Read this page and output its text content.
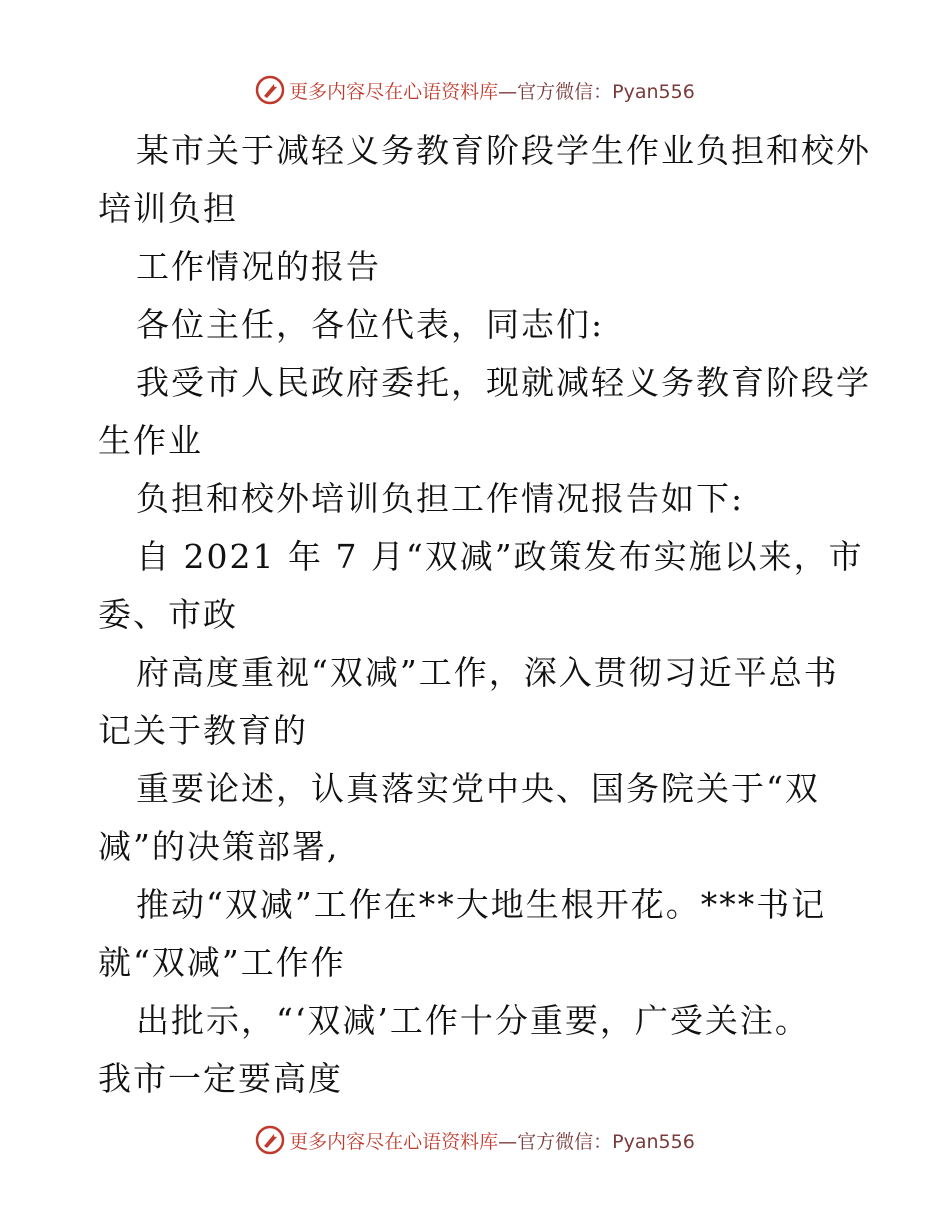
更多内容尽在心语资料库—官方微信：Pyan556
某市关于减轻义务教育阶段学生作业负担和校外
培训负担
工作情况的报告
各位主任，各位代表，同志们:
我受市人民政府委托，现就减轻义务教育阶段学
生作业
负担和校外培训负担工作情况报告如下:
自 2021 年 7 月“双减”政策发布实施以来，市
委、市政
府高度重视“双减”工作，深入贯彻习近平总书
记关于教育的
重要论述，认真落实党中央、国务院关于“双
减”的决策部署,
推动“双减”工作在**大地生根开花。***书记
就“双减”工作作
出批示，“‘双减’工作十分重要，广受关注。
我市一定要高度
更多内容尽在心语资料库—官方微信：Pyan556
